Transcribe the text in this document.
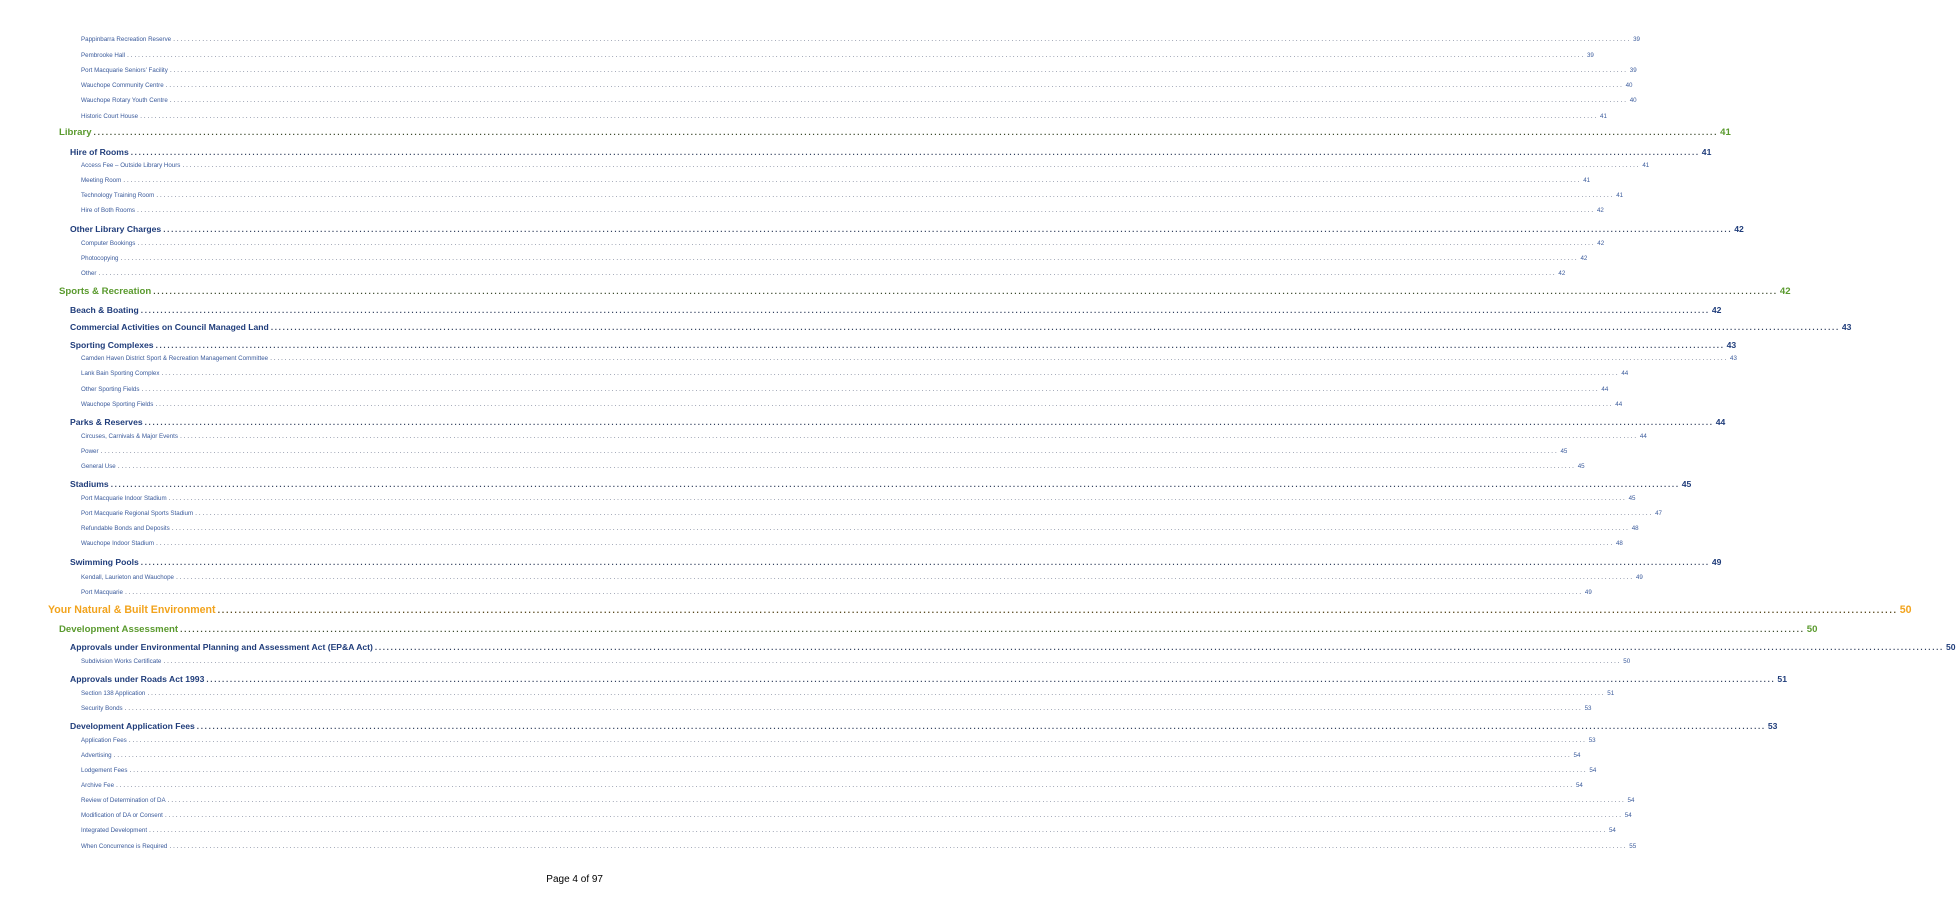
Pappinbarra Recreation Reserve ................................................................................................................................................................................................................................................................................................................................................................................................................ 39
Pembrooke Hall ................................................................................................................................................................................................................................................................................................................................................................................................................ 39
Port Macquarie Seniors' Facility ................................................................................................................................................................................................................................................................................................................................................................................................................ 39
Wauchope Community Centre ................................................................................................................................................................................................................................................................................................................................................................................................................ 40
Wauchope Rotary Youth Centre ................................................................................................................................................................................................................................................................................................................................................................................................................ 40
Historic Court House ................................................................................................................................................................................................................................................................................................................................................................................................................ 41
Library ................................................................................................................................................................................................................................................................................................................................................................................................................ 41
Hire of Rooms ................................................................................................................................................................................................................................................................................................................................................................................................................ 41
Access Fee – Outside Library Hours ................................................................................................................................................................................................................................................................................................................................................................................................................ 41
Meeting Room ................................................................................................................................................................................................................................................................................................................................................................................................................ 41
Technology Training Room ................................................................................................................................................................................................................................................................................................................................................................................................................ 41
Hire of Both Rooms ................................................................................................................................................................................................................................................................................................................................................................................................................ 42
Other Library Charges ................................................................................................................................................................................................................................................................................................................................................................................................................ 42
Computer Bookings ................................................................................................................................................................................................................................................................................................................................................................................................................ 42
Photocopying ................................................................................................................................................................................................................................................................................................................................................................................................................ 42
Other ................................................................................................................................................................................................................................................................................................................................................................................................................ 42
Sports & Recreation ................................................................................................................................................................................................................................................................................................................................................................................................................ 42
Beach & Boating ................................................................................................................................................................................................................................................................................................................................................................................................................ 42
Commercial Activities on Council Managed Land ................................................................................................................................................................................................................................................................................................................................................................................................................ 43
Sporting Complexes ................................................................................................................................................................................................................................................................................................................................................................................................................ 43
Camden Haven District Sport & Recreation Management Committee ................................................................................................................................................................................................................................................................................................................................................................................................................ 43
Lank Bain Sporting Complex ................................................................................................................................................................................................................................................................................................................................................................................................................ 44
Other Sporting Fields ................................................................................................................................................................................................................................................................................................................................................................................................................ 44
Wauchope Sporting Fields ................................................................................................................................................................................................................................................................................................................................................................................................................ 44
Parks & Reserves ................................................................................................................................................................................................................................................................................................................................................................................................................ 44
Circuses, Carnivals & Major Events ................................................................................................................................................................................................................................................................................................................................................................................................................ 44
Power ................................................................................................................................................................................................................................................................................................................................................................................................................ 45
General Use ................................................................................................................................................................................................................................................................................................................................................................................................................ 45
Stadiums ................................................................................................................................................................................................................................................................................................................................................................................................................ 45
Port Macquarie Indoor Stadium ................................................................................................................................................................................................................................................................................................................................................................................................................ 45
Port Macquarie Regional Sports Stadium ................................................................................................................................................................................................................................................................................................................................................................................................................ 47
Refundable Bonds and Deposits ................................................................................................................................................................................................................................................................................................................................................................................................................ 48
Wauchope Indoor Stadium ................................................................................................................................................................................................................................................................................................................................................................................................................ 48
Swimming Pools ................................................................................................................................................................................................................................................................................................................................................................................................................ 49
Kendall, Laurieton and Wauchope ................................................................................................................................................................................................................................................................................................................................................................................................................ 49
Port Macquarie ................................................................................................................................................................................................................................................................................................................................................................................................................ 49
Your Natural & Built Environment ................................................................................................................................................................................................................................................................................................................................................................................................................ 50
Development Assessment ................................................................................................................................................................................................................................................................................................................................................................................................................ 50
Approvals under Environmental Planning and Assessment Act (EP&A Act) ................................................................................................................................................................................................................................................................................................................................................................................................................ 50
Subdivision Works Certificate ................................................................................................................................................................................................................................................................................................................................................................................................................ 50
Approvals under Roads Act 1993 ................................................................................................................................................................................................................................................................................................................................................................................................................ 51
Section 138 Application ................................................................................................................................................................................................................................................................................................................................................................................................................ 51
Security Bonds ................................................................................................................................................................................................................................................................................................................................................................................................................ 53
Development Application Fees ................................................................................................................................................................................................................................................................................................................................................................................................................ 53
Application Fees ................................................................................................................................................................................................................................................................................................................................................................................................................ 53
Advertising ................................................................................................................................................................................................................................................................................................................................................................................................................ 54
Lodgement Fees ................................................................................................................................................................................................................................................................................................................................................................................................................ 54
Archive Fee ................................................................................................................................................................................................................................................................................................................................................................................................................ 54
Review of Determination of DA ................................................................................................................................................................................................................................................................................................................................................................................................................ 54
Modification of DA or Consent ................................................................................................................................................................................................................................................................................................................................................................................................................ 54
Integrated Development ................................................................................................................................................................................................................................................................................................................................................................................................................ 54
When Concurrence is Required ................................................................................................................................................................................................................................................................................................................................................................................................................ 55
Page 4 of 97
